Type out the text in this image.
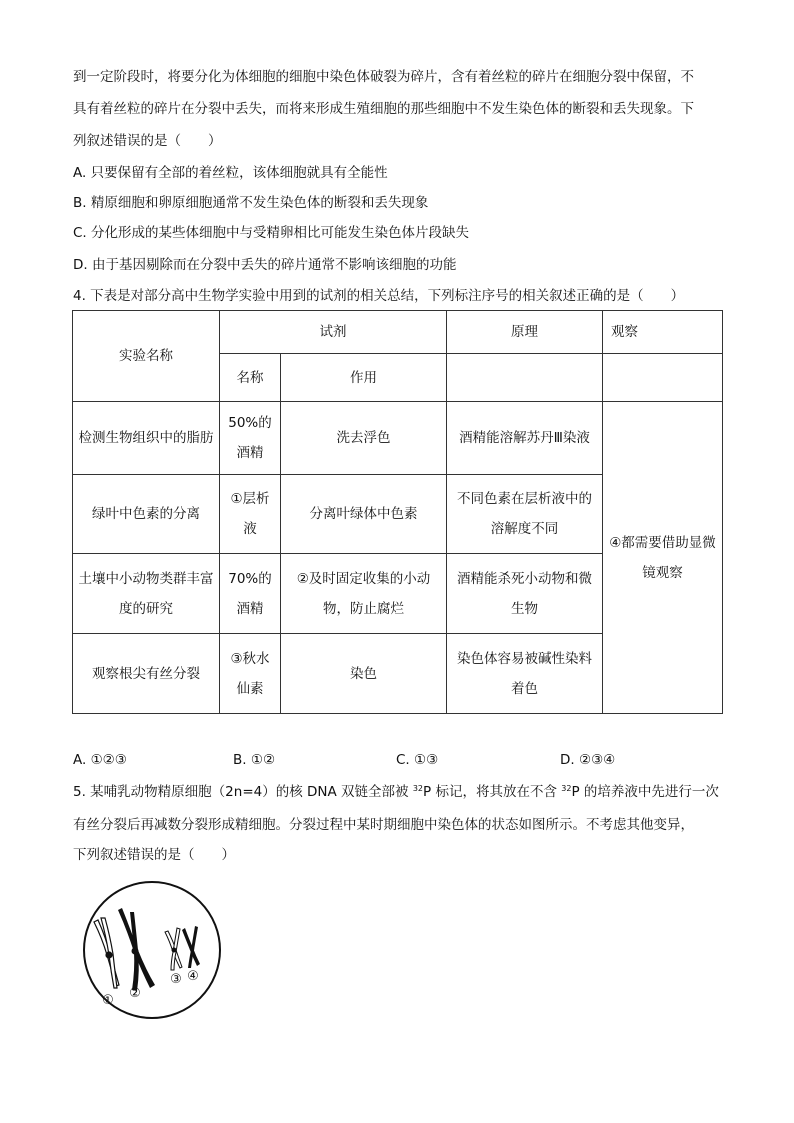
到一定阶段时，将要分化为体细胞的细胞中染色体破裂为碎片，含有着丝粒的碎片在细胞分裂中保留，不
具有着丝粒的碎片在分裂中丢失，而将来形成生殖细胞的那些细胞中不发生染色体的断裂和丢失现象。下
列叙述错误的是（　　）
A. 只要保留有全部的着丝粒，该体细胞就具有全能性
B. 精原细胞和卵原细胞通常不发生染色体的断裂和丢失现象
C. 分化形成的某些体细胞中与受精卵相比可能发生染色体片段缺失
D. 由于基因剔除而在分裂中丢失的碎片通常不影响该细胞的功能
4. 下表是对部分高中生物学实验中用到的试剂的相关总结，下列标注序号的相关叙述正确的是（　　）
实验名称	试剂		原理	观察
	名称	作用		
检测生物组织中的脂肪	50%的酒精	洗去浮色	酒精能溶解苏丹Ⅲ染液	④都需要借助显微镜观察
绿叶中色素的分离	①层析液	分离叶绿体中色素	不同色素在层析液中的溶解度不同	
土壤中小动物类群丰富度的研究	70%的酒精	②及时固定收集的小动物，防止腐烂	酒精能杀死小动物和微生物	
观察根尖有丝分裂	③秋水仙素	染色	染色体容易被碱性染料着色	
A. ①②③	B. ①②	C. ①③	D. ②③④
5. 某哺乳动物精原细胞（2n=4）的核 DNA 双链全部被 $^{32}$P 标记，将其放在不含 $^{32}$P 的培养液中先进行一次
有丝分裂后再减数分裂形成精细胞。分裂过程中某时期细胞中染色体的状态如图所示。不考虑其他变异，
下列叙述错误的是（　　）
① ②
③ ④
